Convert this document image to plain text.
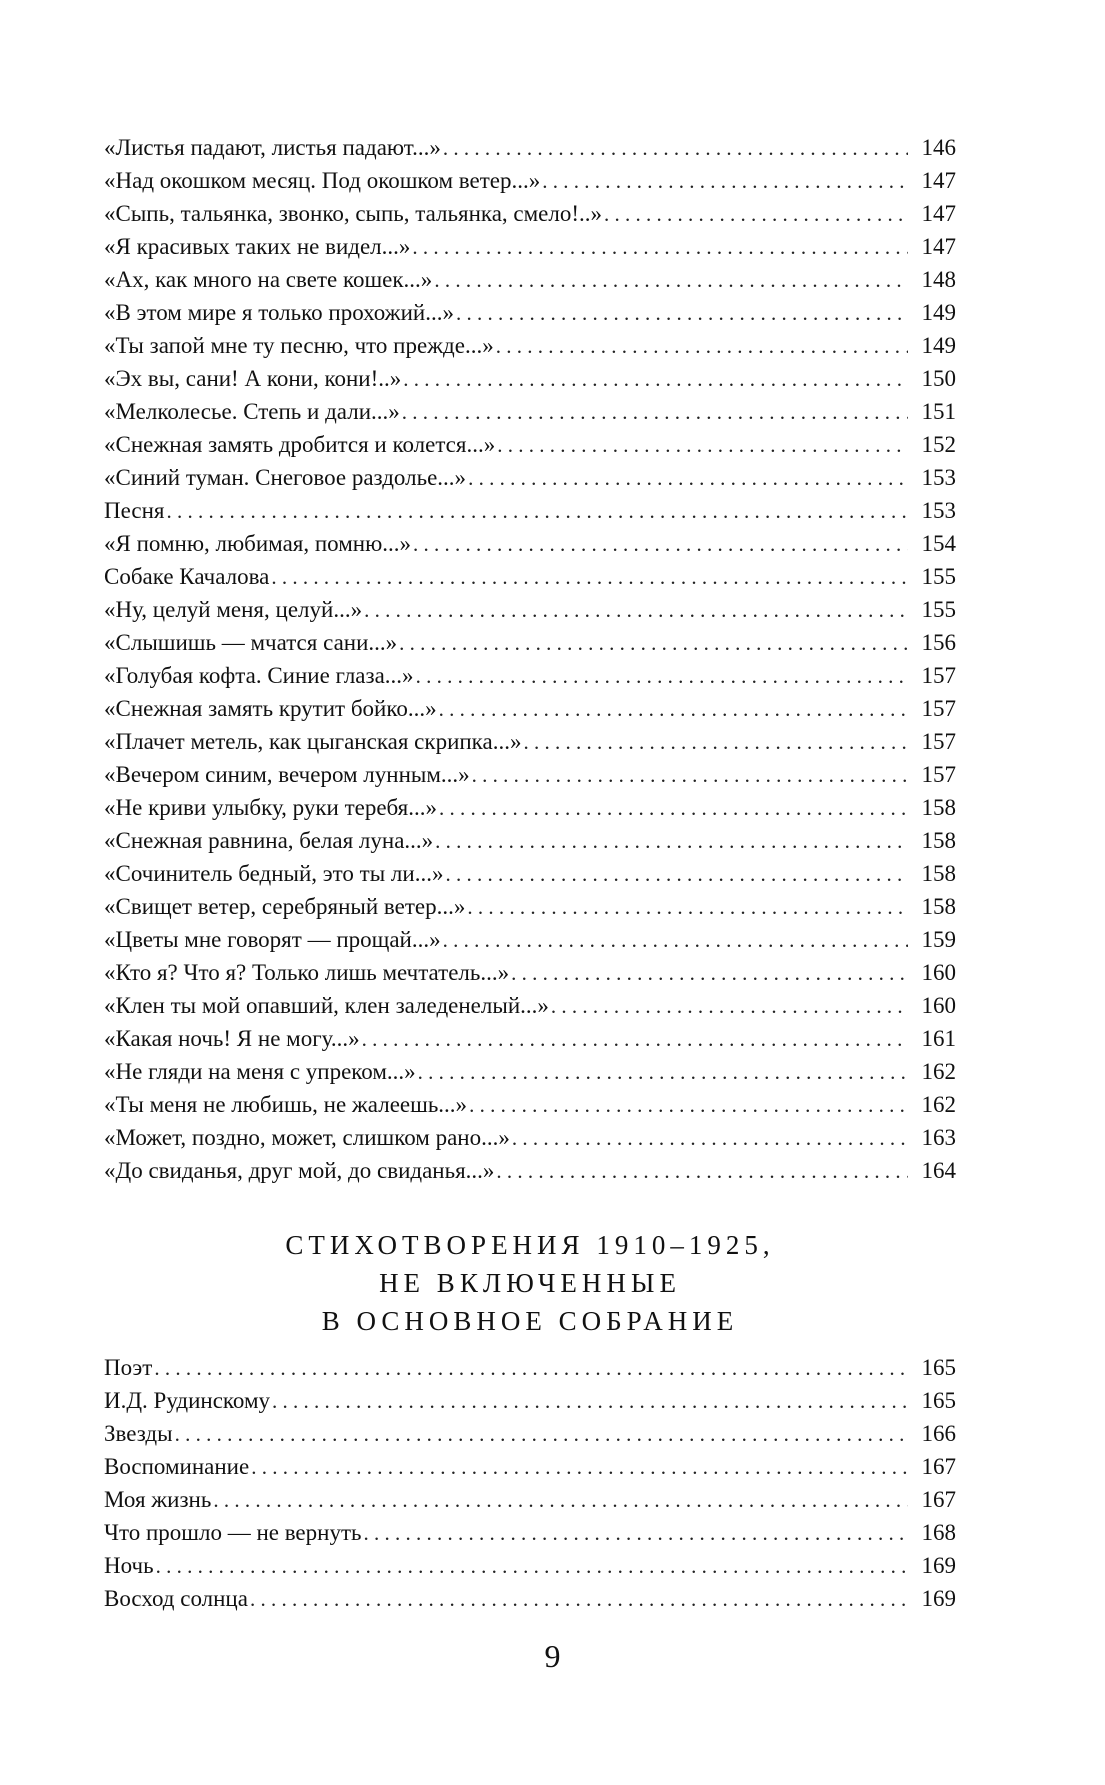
«Листья падают, листья падают...» . . .	146
«Над окошком месяц. Под окошком ветер...» . . .	147
«Сыпь, тальянка, звонко, сыпь, тальянка, смело!..» . . .	147
«Я красивых таких не видел...» . . .	147
«Ах, как много на свете кошек...» . . .	148
«В этом мире я только прохожий...» . . .	149
«Ты запой мне ту песню, что прежде...» . . .	149
«Эх вы, сани! А кони, кони!..» . . .	150
«Мелколесье. Степь и дали...» . . .	151
«Снежная замять дробится и колется...» . . .	152
«Синий туман. Снеговое раздолье...» . . .	153
Песня . . .	153
«Я помню, любимая, помню...» . . .	154
Собаке Качалова . . .	155
«Ну, целуй меня, целуй...» . . .	155
«Слышишь — мчатся сани...» . . .	156
«Голубая кофта. Синие глаза...» . . .	157
«Снежная замять крутит бойко...» . . .	157
«Плачет метель, как цыганская скрипка...» . . .	157
«Вечером синим, вечером лунным...» . . .	157
«Не криви улыбку, руки теребя...» . . .	158
«Снежная равнина, белая луна...» . . .	158
«Сочинитель бедный, это ты ли...» . . .	158
«Свищет ветер, серебряный ветер...» . . .	158
«Цветы мне говорят — прощай...» . . .	159
«Кто я? Что я? Только лишь мечтатель...» . . .	160
«Клен ты мой опавший, клен заледенелый...» . . .	160
«Какая ночь! Я не могу...» . . .	161
«Не гляди на меня с упреком...» . . .	162
«Ты меня не любишь, не жалеешь...» . . .	162
«Может, поздно, может, слишком рано...» . . .	163
«До свиданья, друг мой, до свиданья...» . . .	164
СТИХОТВОРЕНИЯ 1910–1925,
НЕ ВКЛЮЧЕННЫЕ
В ОСНОВНОЕ СОБРАНИЕ
Поэт . . .	165
И.Д. Рудинскому . . .	165
Звезды . . .	166
Воспоминание . . .	167
Моя жизнь . . .	167
Что прошло — не вернуть . . .	168
Ночь . . .	169
Восход солнца . . .	169
9
